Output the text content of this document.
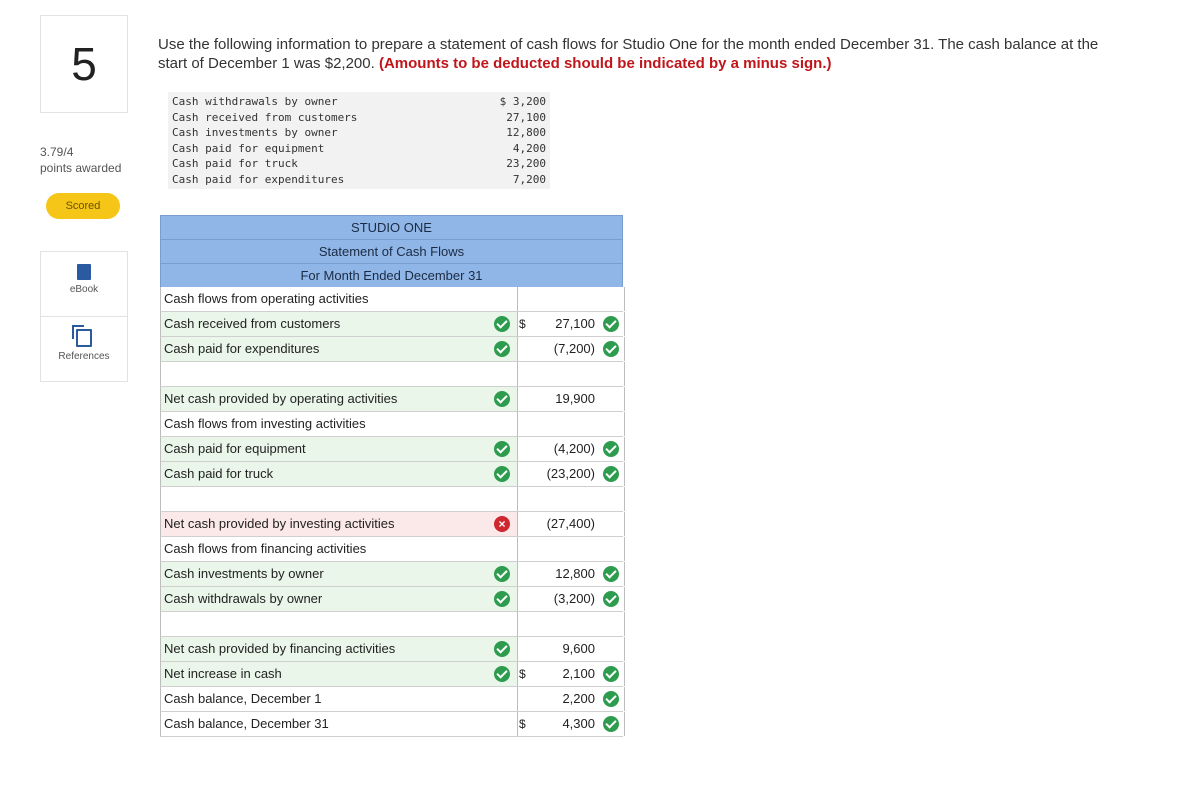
5
3.79/4
points awarded
Scored
eBook
References
Use the following information to prepare a statement of cash flows for Studio One for the month ended December 31. The cash balance at the start of December 1 was $2,200. (Amounts to be deducted should be indicated by a minus sign.)
Cash withdrawals by owner	$ 3,200
Cash received from customers	27,100
Cash investments by owner	12,800
Cash paid for equipment	4,200
Cash paid for truck	23,200
Cash paid for expenditures	7,200
STUDIO ONE
Statement of Cash Flows
For Month Ended December 31
Cash flows from operating activities
Cash received from customers	$ 27,100
Cash paid for expenditures	(7,200)
Net cash provided by operating activities	19,900
Cash flows from investing activities
Cash paid for equipment	(4,200)
Cash paid for truck	(23,200)
Net cash provided by investing activities	×	(27,400)
Cash flows from financing activities
Cash investments by owner	12,800
Cash withdrawals by owner	(3,200)
Net cash provided by financing activities	9,600
Net increase in cash	$	2,100
Cash balance, December 1	2,200
Cash balance, December 31	$	4,300
